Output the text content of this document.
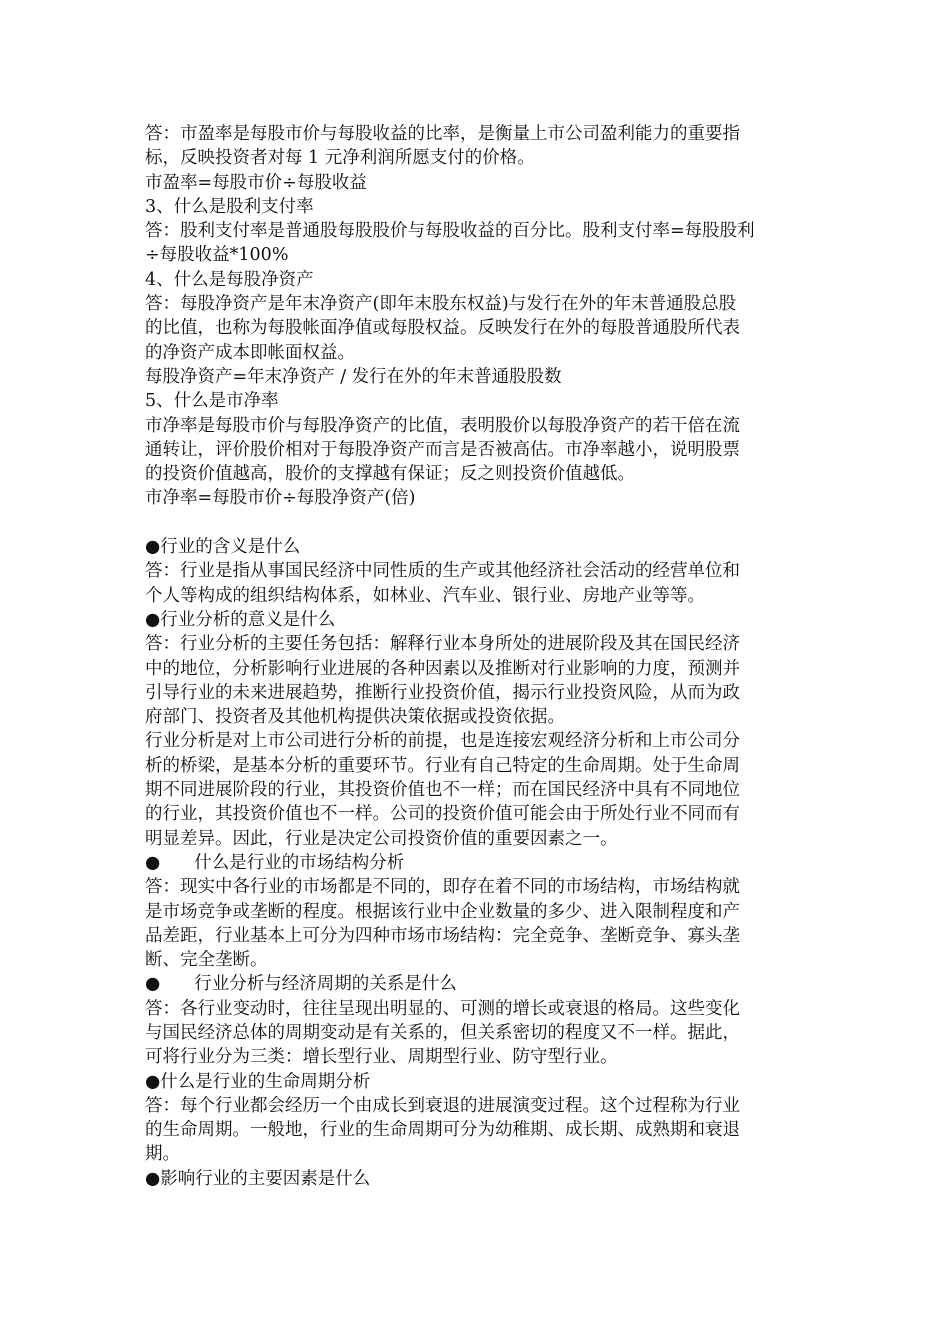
答：市盈率是每股市价与每股收益的比率，是衡量上市公司盈利能力的重要指
标，反映投资者对每 1 元净利润所愿支付的价格。
市盈率=每股市价÷每股收益
3、什么是股利支付率
答：股利支付率是普通股每股股价与每股收益的百分比。股利支付率=每股股利
÷每股收益*100%
4、什么是每股净资产
答：每股净资产是年末净资产(即年末股东权益)与发行在外的年末普通股总股
的比值，也称为每股帐面净值或每股权益。反映发行在外的每股普通股所代表
的净资产成本即帐面权益。
每股净资产=年末净资产 / 发行在外的年末普通股股数
5、什么是市净率
市净率是每股市价与每股净资产的比值，表明股价以每股净资产的若干倍在流
通转让，评价股价相对于每股净资产而言是否被高估。市净率越小，说明股票
的投资价值越高，股价的支撑越有保证；反之则投资价值越低。
市净率=每股市价÷每股净资产(倍)
●行业的含义是什么
答：行业是指从事国民经济中同性质的生产或其他经济社会活动的经营单位和
个人等构成的组织结构体系，如林业、汽车业、银行业、房地产业等等。
●行业分析的意义是什么
答：行业分析的主要任务包括：解释行业本身所处的进展阶段及其在国民经济
中的地位，分析影响行业进展的各种因素以及推断对行业影响的力度，预测并
引导行业的未来进展趋势，推断行业投资价值，揭示行业投资风险，从而为政
府部门、投资者及其他机构提供决策依据或投资依据。
行业分析是对上市公司进行分析的前提，也是连接宏观经济分析和上市公司分
析的桥梁，是基本分析的重要环节。行业有自己特定的生命周期。处于生命周
期不同进展阶段的行业，其投资价值也不一样；而在国民经济中具有不同地位
的行业，其投资价值也不一样。公司的投资价值可能会由于所处行业不同而有
明显差异。因此，行业是决定公司投资价值的重要因素之一。
● 什么是行业的市场结构分析
答：现实中各行业的市场都是不同的，即存在着不同的市场结构，市场结构就
是市场竞争或垄断的程度。根据该行业中企业数量的多少、进入限制程度和产
品差距，行业基本上可分为四种市场市场结构：完全竞争、垄断竞争、寡头垄
断、完全垄断。
● 行业分析与经济周期的关系是什么
答：各行业变动时，往往呈现出明显的、可测的增长或衰退的格局。这些变化
与国民经济总体的周期变动是有关系的，但关系密切的程度又不一样。据此，
可将行业分为三类：增长型行业、周期型行业、防守型行业。
●什么是行业的生命周期分析
答：每个行业都会经历一个由成长到衰退的进展演变过程。这个过程称为行业
的生命周期。一般地，行业的生命周期可分为幼稚期、成长期、成熟期和衰退
期。
●影响行业的主要因素是什么
